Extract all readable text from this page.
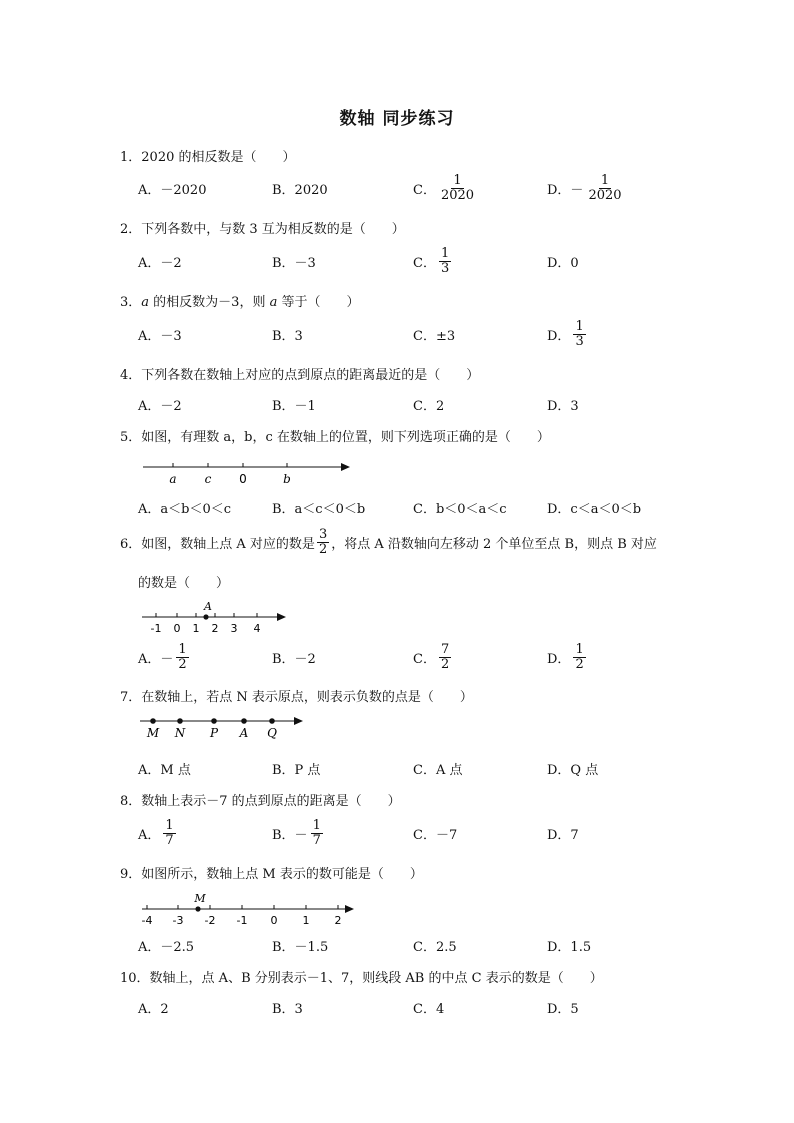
数轴 同步练习
1．2020 的相反数是（　　）
A．－2020	B．2020	C． $\frac{1}{2020}$	D．－ $\frac{1}{2020}$
2．下列各数中，与数 3 互为相反数的是（　　）
A．－2	B．－3	C． $\frac{1}{3}$	D．0
3．a 的相反数为－3，则 a 等于（　　）
A．－3	B．3	C．±3	D． $\frac{1}{3}$
4．下列各数在数轴上对应的点到原点的距离最近的是（　　）
A．－2	B．－1	C．2	D．3
5．如图，有理数 a，b，c 在数轴上的位置，则下列选项正确的是（　　）
a c 0	b
A．a＜b＜0＜c	B．a＜c＜0＜b	C．b＜0＜a＜c	D．c＜a＜0＜b
6．如图，数轴上点 A 对应的数是 $\frac{3}{2}$ ，将点 A 沿数轴向左移动 2 个单位至点 B，则点 B 对应
的数是（　　）
A
-1 0 1 2 3 4
A．－ $\frac{1}{2}$	B．－2	C． $\frac{7}{2}$	D． $\frac{1}{2}$
7．在数轴上，若点 N 表示原点，则表示负数的点是（　　）
M N P A Q
A．M 点	B．P 点	C．A 点	D．Q 点
8．数轴上表示－7 的点到原点的距离是（　　）
A． $\frac{1}{7}$	B．－ $\frac{1}{7}$	C．－7	D．7
9．如图所示，数轴上点 M 表示的数可能是（　　）
M
-4 -3 -2 -1 0 1 2
A．－2.5	B．－1.5	C．2.5	D．1.5
10．数轴上，点 A、B 分别表示－1、7，则线段 AB 的中点 C 表示的数是（　　）
A．2	B．3	C．4	D．5
